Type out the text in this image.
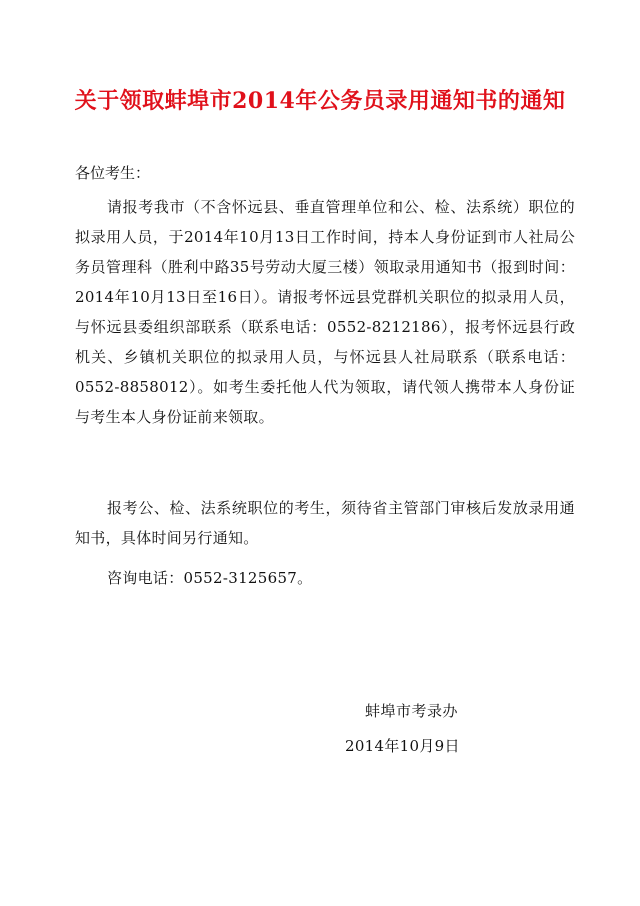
关于领取蚌埠市2014年公务员录用通知书的通知
各位考生：

请报考我市（不含怀远县、垂直管理单位和公、检、法系统）职位的拟录用人员，于2014年10月13日工作时间，持本人身份证到市人社局公务员管理科（胜利中路35号劳动大厦三楼）领取录用通知书（报到时间：2014年10月13日至16日）。请报考怀远县党群机关职位的拟录用人员，与怀远县委组织部联系（联系电话：0552-8212186），报考怀远县行政机关、乡镇机关职位的拟录用人员，与怀远县人社局联系（联系电话：0552-8858012）。如考生委托他人代为领取，请代领人携带本人身份证与考生本人身份证前来领取。

报考公、检、法系统职位的考生，须待省主管部门审核后发放录用通知书，具体时间另行通知。

咨询电话：0552-3125657。

蚌埠市考录办
2014年10月9日
